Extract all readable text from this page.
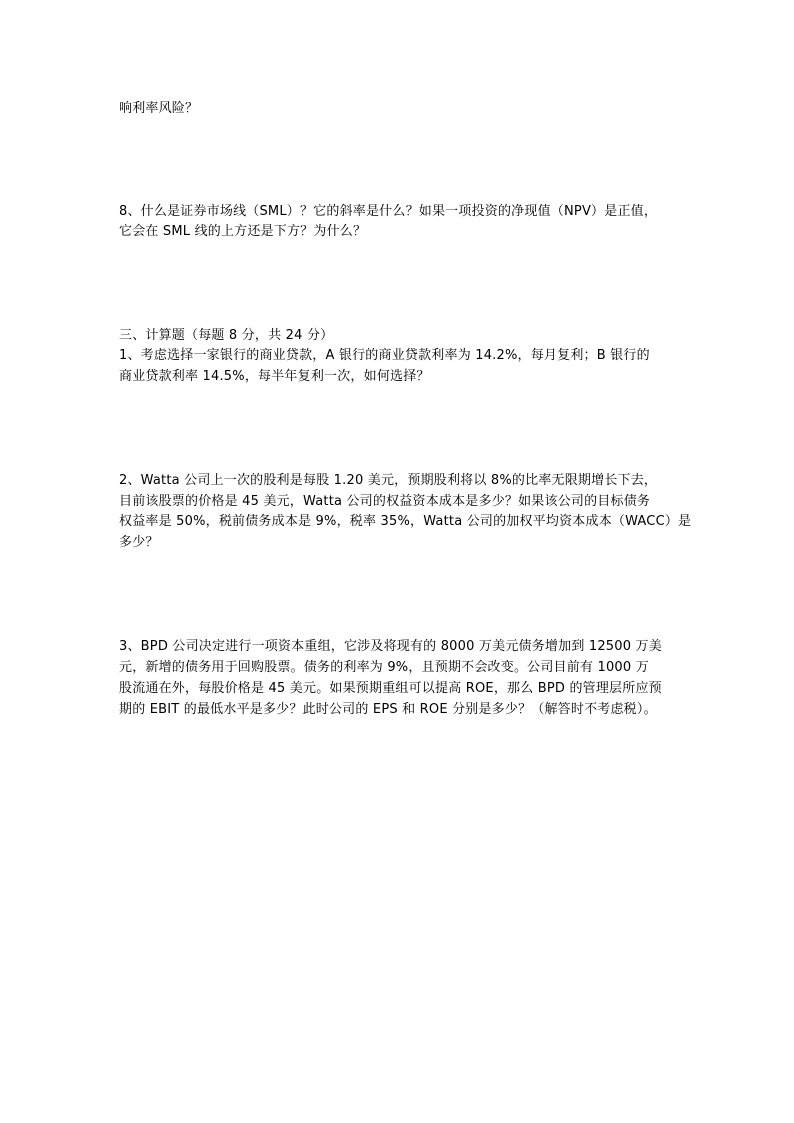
响利率风险？
8、什么是证券市场线（SML）？它的斜率是什么？如果一项投资的净现值（NPV）是正值，
它会在 SML 线的上方还是下方？为什么？
三、计算题（每题 8 分，共 24 分）
1、考虑选择一家银行的商业贷款，A 银行的商业贷款利率为 14.2%，每月复利；B 银行的
商业贷款利率 14.5%，每半年复利一次，如何选择？
2、Watta 公司上一次的股利是每股 1.20 美元，预期股利将以 8%的比率无限期增长下去，
目前该股票的价格是 45 美元，Watta 公司的权益资本成本是多少？如果该公司的目标债务
权益率是 50%，税前债务成本是 9%，税率 35%，Watta 公司的加权平均资本成本（WACC）是
多少？
3、BPD 公司决定进行一项资本重组，它涉及将现有的 8000 万美元债务增加到 12500 万美
元，新增的债务用于回购股票。债务的利率为 9%，且预期不会改变。公司目前有 1000 万
股流通在外，每股价格是 45 美元。如果预期重组可以提高 ROE，那么 BPD 的管理层所应预
期的 EBIT 的最低水平是多少？此时公司的 EPS 和 ROE 分别是多少？（解答时不考虑税）。
